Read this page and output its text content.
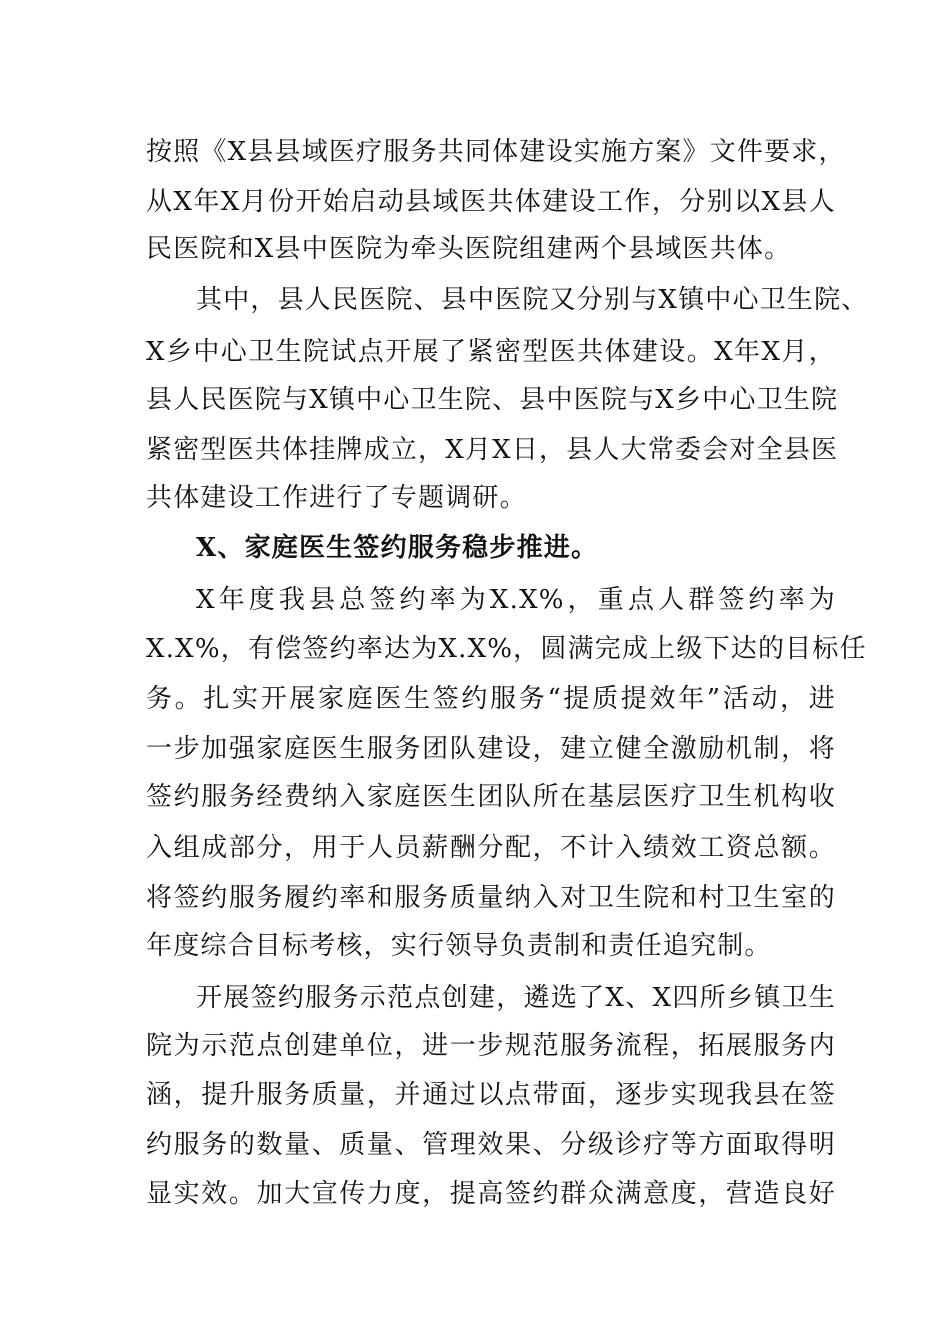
按照《X县县域医疗服务共同体建设实施方案》文件要求，
从X年X月份开始启动县域医共体建设工作，分别以X县人
民医院和X县中医院为牵头医院组建两个县域医共体。
其中，县人民医院、县中医院又分别与X镇中心卫生院、
X乡中心卫生院试点开展了紧密型医共体建设。X年X月，
县人民医院与X镇中心卫生院、县中医院与X乡中心卫生院
紧密型医共体挂牌成立，X月X日，县人大常委会对全县医
共体建设工作进行了专题调研。
X、家庭医生签约服务稳步推进。
X年度我县总签约率为X.X%，重点人群签约率为
X.X%，有偿签约率达为X.X%，圆满完成上级下达的目标任
务。扎实开展家庭医生签约服务“提质提效年”活动，进
一步加强家庭医生服务团队建设，建立健全激励机制，将
签约服务经费纳入家庭医生团队所在基层医疗卫生机构收
入组成部分，用于人员薪酬分配，不计入绩效工资总额。
将签约服务履约率和服务质量纳入对卫生院和村卫生室的
年度综合目标考核，实行领导负责制和责任追究制。
开展签约服务示范点创建，遴选了X、X四所乡镇卫生
院为示范点创建单位，进一步规范服务流程，拓展服务内
涵，提升服务质量，并通过以点带面，逐步实现我县在签
约服务的数量、质量、管理效果、分级诊疗等方面取得明
显实效。加大宣传力度，提高签约群众满意度，营造良好
